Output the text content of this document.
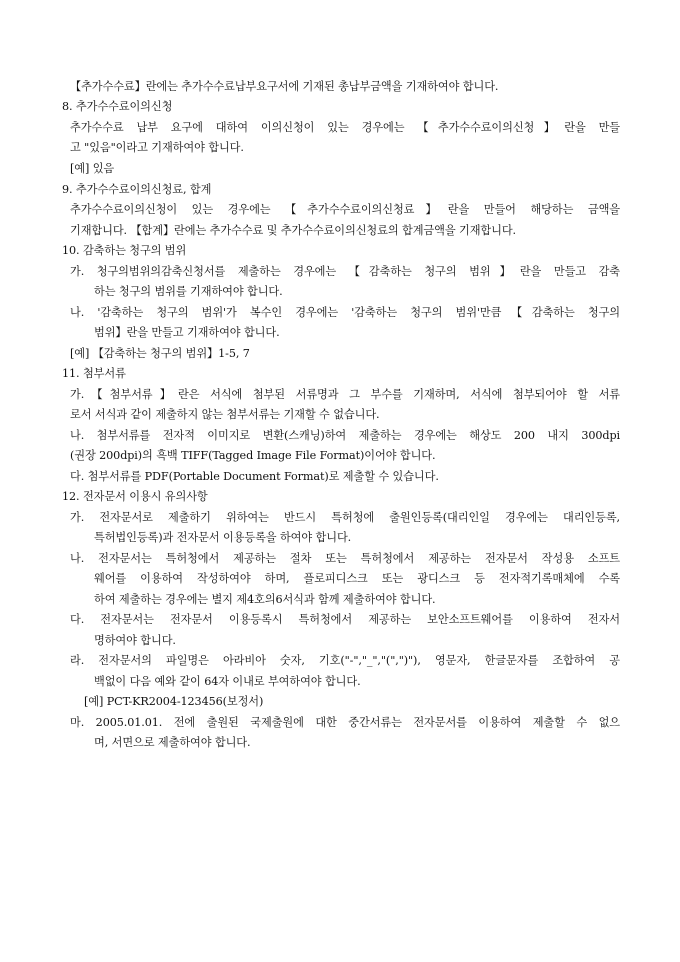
【추가수수료】란에는 추가수수료납부요구서에 기재된 총납부금액을 기재하여야 합니다.
8. 추가수수료이의신청
추가수수료 납부 요구에 대하여 이의신청이 있는 경우에는 【추가수수료이의신청】란을 만들
고 "있음"이라고 기재하여야 합니다.
[예] 있음
9. 추가수수료이의신청료, 합계
추가수수료이의신청이 있는 경우에는 【추가수수료이의신청료】란을 만들어 해당하는 금액을
기재합니다. 【합계】란에는 추가수수료 및 추가수수료이의신청료의 합계금액을 기재합니다.
10. 감축하는 청구의 범위
가. 청구의범위의감축신청서를 제출하는 경우에는 【감축하는 청구의 범위】란을 만들고 감축
하는 청구의 범위를 기재하여야 합니다.
나. '감축하는 청구의 범위'가 복수인 경우에는 '감축하는 청구의 범위'만큼【감축하는 청구의
범위】란을 만들고 기재하여야 합니다.
[예] 【감축하는 청구의 범위】1-5, 7
11. 첨부서류
가.【첨부서류】란은 서식에 첨부된 서류명과 그 부수를 기재하며, 서식에 첨부되어야 할 서류
로서 서식과 같이 제출하지 않는 첨부서류는 기재할 수 없습니다.
나. 첨부서류를 전자적 이미지로 변환(스캐닝)하여 제출하는 경우에는 해상도 200 내지 300dpi
(권장 200dpi)의 흑백 TIFF(Tagged Image File Format)이어야 합니다.
다. 첨부서류를 PDF(Portable Document Format)로 제출할 수 있습니다.
12. 전자문서 이용시 유의사항
가. 전자문서로 제출하기 위하여는 반드시 특허청에 출원인등록(대리인일 경우에는 대리인등록,
특허법인등록)과 전자문서 이용등록을 하여야 합니다.
나. 전자문서는 특허청에서 제공하는 절차 또는 특허청에서 제공하는 전자문서 작성용 소프트
웨어를 이용하여 작성하여야 하며, 플로피디스크 또는 광디스크 등 전자적기록매체에 수록
하여 제출하는 경우에는 별지 제4호의6서식과 함께 제출하여야 합니다.
다. 전자문서는 전자문서 이용등록시 특허청에서 제공하는 보안소프트웨어를 이용하여 전자서
명하여야 합니다.
라. 전자문서의 파일명은 아라비아 숫자, 기호("-","_","(",")"), 영문자, 한글문자를 조합하여 공
백없이 다음 예와 같이 64자 이내로 부여하여야 합니다.
[예] PCT-KR2004-123456(보정서)
마. 2005.01.01. 전에 출원된 국제출원에 대한 중간서류는 전자문서를 이용하여 제출할 수 없으
며, 서면으로 제출하여야 합니다.
